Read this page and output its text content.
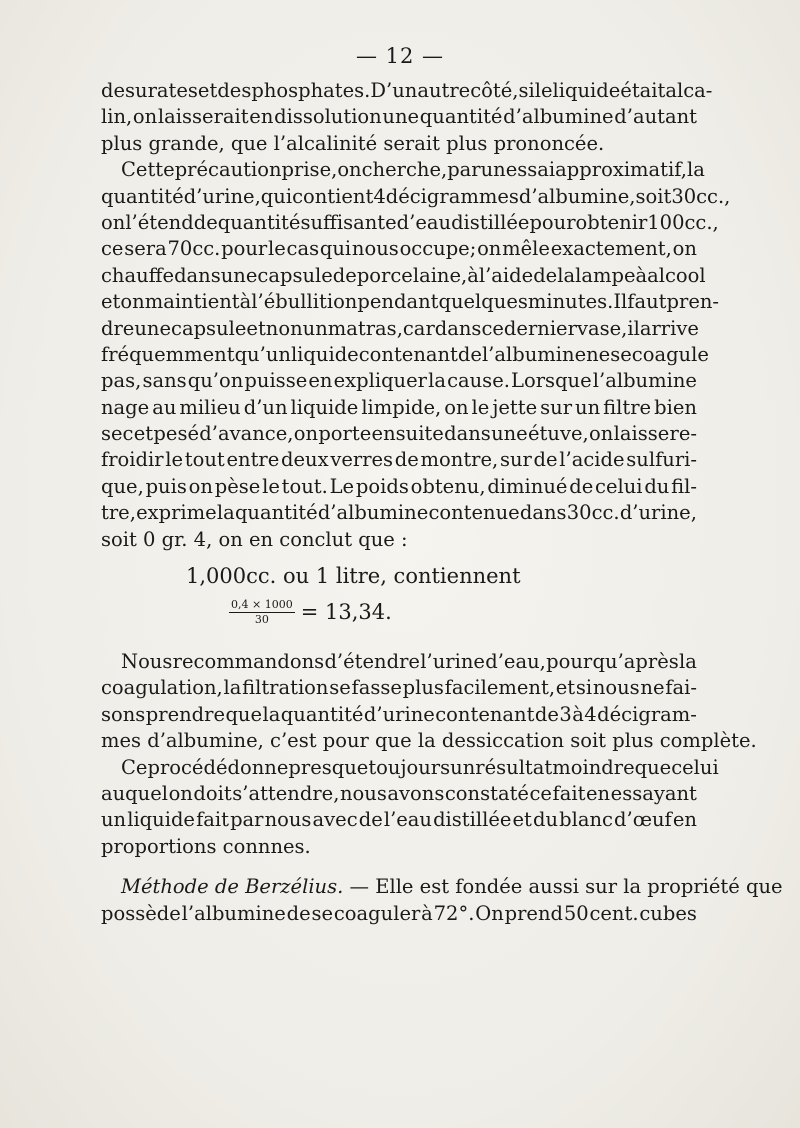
— 12 —
des urates et des phosphates. D’un autre côté, si le liquide était alca-
lin, on laisserait en dissolution une quantité d’albumine d’autant
plus grande, que l’alcalinité serait plus prononcée.
Cette précaution prise, on cherche, par un essai approximatif, la
quantité d’urine, qui contient 4 décigrammes d’albumine, soit 30cc.,
on l’étend de quantité suffisante d’eau distillée pour obtenir 100cc.,
ce sera 70cc. pour le cas qui nous occupe; on mêle exactement, on
chauffe dans une capsule de porcelaine, à l’aide de la lampe à alcool
et on maintient à l’ébullition pendant quelques minutes. Il faut pren-
dre une capsule et non un matras, car dans ce dernier vase, il arrive
fréquemment qu’un liquide contenant de l’albumine ne se coagule
pas, sans qu’on puisse en expliquer la cause. Lorsque l’albumine
nage au milieu d’un liquide limpide, on le jette sur un filtre bien
sec et pesé d’avance, on porte ensuite dans une étuve, on laisse re-
froidir le tout entre deux verres de montre, sur de l’acide sulfuri-
que, puis on pèse le tout. Le poids obtenu, diminué de celui du fil-
tre, exprime la quantité d’albumine contenue dans 30cc. d’urine,
soit 0 gr. 4, on en conclut que :
1,000cc. ou 1 litre, contiennent
$\frac{0,4 \times 1000}{30} = 13,34$.
Nous recommandons d’étendre l’urine d’eau, pour qu’après la
coagulation, la filtration se fasse plus facilement, et si nous ne fai-
sons prendre que la quantité d’urine contenant de 3 à 4 décigram-
mes d’albumine, c’est pour que la dessiccation soit plus complète.
Ce procédé donne presque toujours un résultat moindre que celui
auquel on doit s’attendre, nous avons constaté ce fait en essayant
un liquide fait par nous avec de l’eau distillée et du blanc d’œuf en
proportions connnes.
Méthode de Berzélius. — Elle est fondée aussi sur la propriété que
possède l’albumine de se coaguler à 72°. On prend 50 cent. cubes
